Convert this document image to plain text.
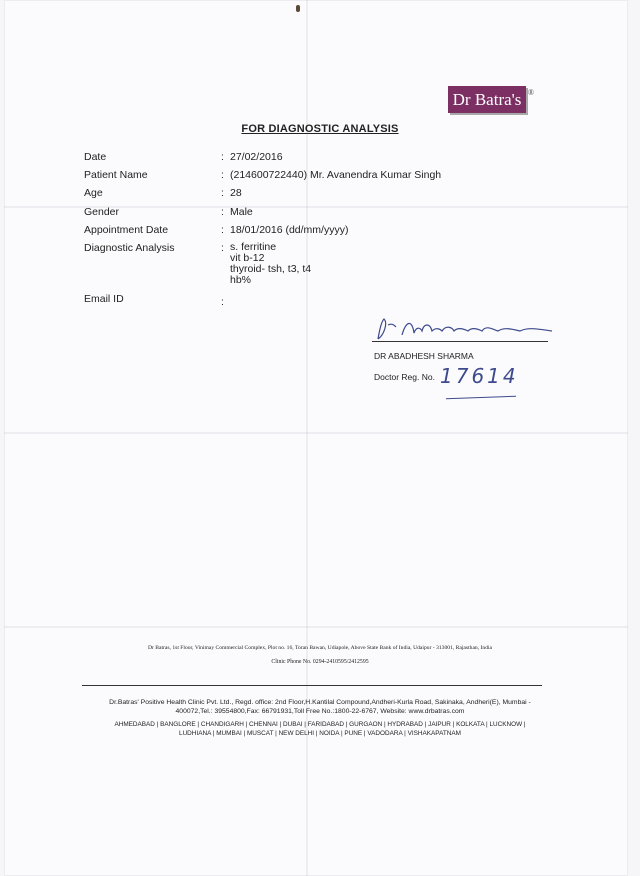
Dr Batra's ®
FOR DIAGNOSTIC ANALYSIS
Date	: 27/02/2016
Patient Name	: (214600722440) Mr. Avanendra Kumar Singh
Age	: 28
Gender	: Male
Appointment Date	: 18/01/2016 (dd/mm/yyyy)
Diagnostic Analysis	: s. ferritine
vit b-12
thyroid- tsh, t3, t4
hb%
Email ID	:
DR ABADHESH SHARMA
Doctor Reg. No. 17614
Dr Batras, 1st Floor, Vinimay Commercial Complex, Plot no. 16, Toran Bawan, Udiapole, Above State Bank of India, Udaipur - 313001, Rajasthan, India
Clinic Phone No. 0294-2410595/2412595
Dr.Batras' Positive Health Clinic Pvt. Ltd., Regd. office: 2nd Floor,H.Kantilal Compound,Andheri-Kurla Road, Sakinaka, Andheri(E), Mumbai - 400072,Tel.: 39554800,Fax: 66791931,Toll Free No.:1800-22-6767, Website: www.drbatras.com
AHMEDABAD | BANGLORE | CHANDIGARH | CHENNAI | DUBAI | FARIDABAD | GURGAON | HYDRABAD | JAIPUR | KOLKATA | LUCKNOW | LUDHIANA | MUMBAI | MUSCAT | NEW DELHI | NOIDA | PUNE | VADODARA | VISHAKAPATNAM
